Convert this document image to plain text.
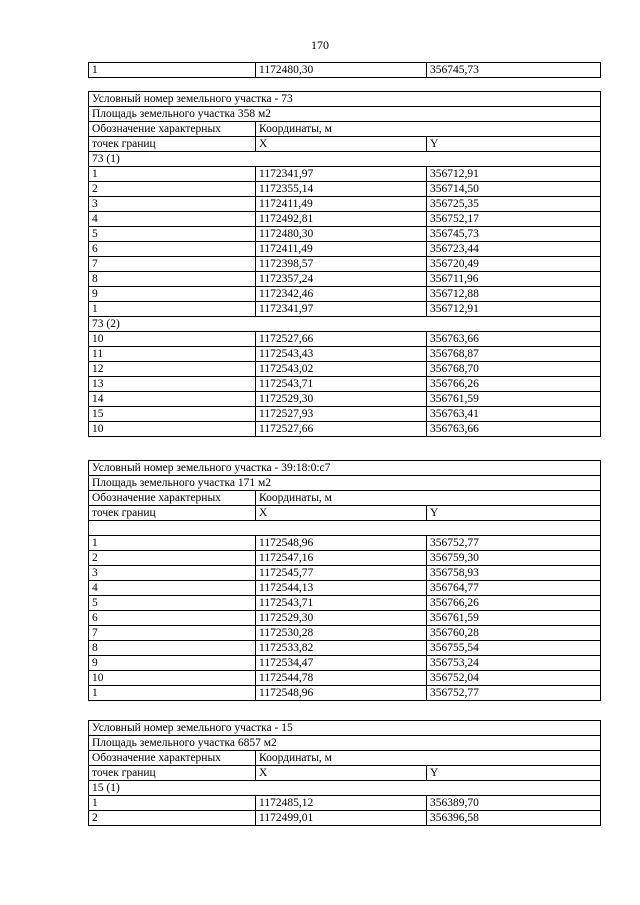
170
1	1172480,30	356745,73
Условный номер земельного участка - 73		
Площадь земельного участка 358 м2		
Обозначение характерных	Координаты, м	
точек границ	X	Y
73 (1)		
1	1172341,97	356712,91
2	1172355,14	356714,50
3	1172411,49	356725,35
4	1172492,81	356752,17
5	1172480,30	356745,73
6	1172411,49	356723,44
7	1172398,57	356720,49
8	1172357,24	356711,96
9	1172342,46	356712,88
1	1172341,97	356712,91
73 (2)		
10	1172527,66	356763,66
11	1172543,43	356768,87
12	1172543,02	356768,70
13	1172543,71	356766,26
14	1172529,30	356761,59
15	1172527,93	356763,41
10	1172527,66	356763,66
Условный номер земельного участка - 39:18:0:с7		
Площадь земельного участка 171 м2		
Обозначение характерных	Координаты, м	
точек границ	X	Y

1	1172548,96	356752,77
2	1172547,16	356759,30
3	1172545,77	356758,93
4	1172544,13	356764,77
5	1172543,71	356766,26
6	1172529,30	356761,59
7	1172530,28	356760,28
8	1172533,82	356755,54
9	1172534,47	356753,24
10	1172544,78	356752,04
1	1172548,96	356752,77
Условный номер земельного участка - 15		
Площадь земельного участка 6857 м2		
Обозначение характерных	Координаты, м	
точек границ	X	Y
15 (1)		
1	1172485,12	356389,70
2	1172499,01	356396,58
